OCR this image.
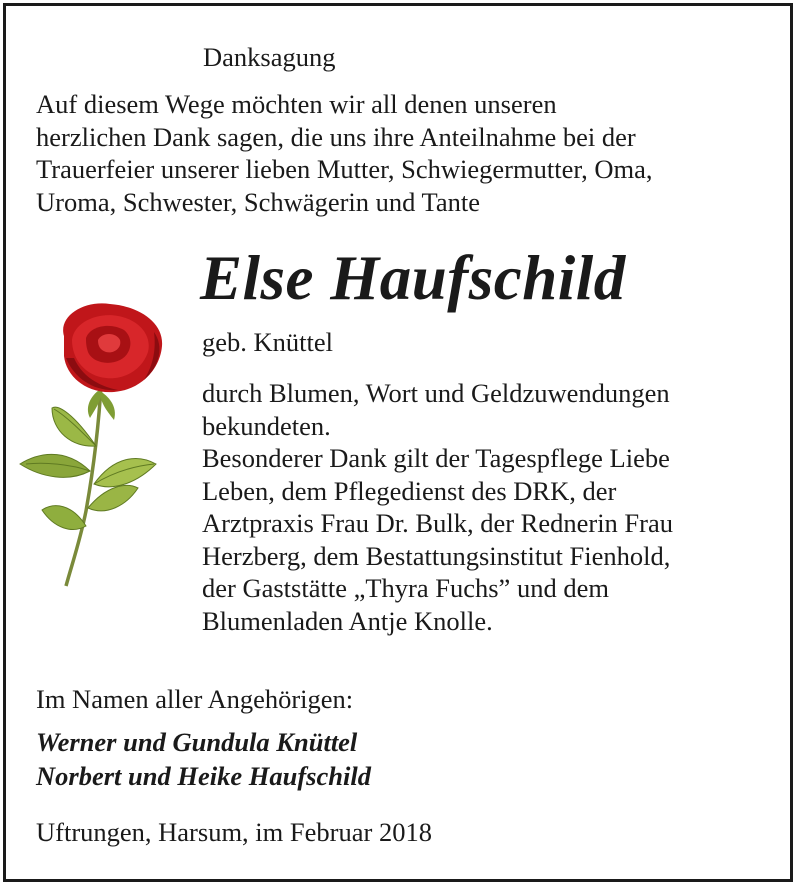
Danksagung
Auf diesem Wege möchten wir all denen unseren
herzlichen Dank sagen, die uns ihre Anteilnahme bei der
Trauerfeier unserer lieben Mutter, Schwiegermutter, Oma,
Uroma, Schwester, Schwägerin und Tante
Else Haufschild
geb. Knüttel
durch Blumen, Wort und Geldzuwendungen
bekundeten.
Besonderer Dank gilt der Tagespflege Liebe
Leben, dem Pflegedienst des DRK, der
Arztpraxis Frau Dr. Bulk, der Rednerin Frau
Herzberg, dem Bestattungsinstitut Fienhold,
der Gaststätte „Thyra Fuchs” und dem
Blumenladen Antje Knolle.
Im Namen aller Angehörigen:
Werner und Gundula Knüttel
Norbert und Heike Haufschild
Uftrungen, Harsum, im Februar 2018
